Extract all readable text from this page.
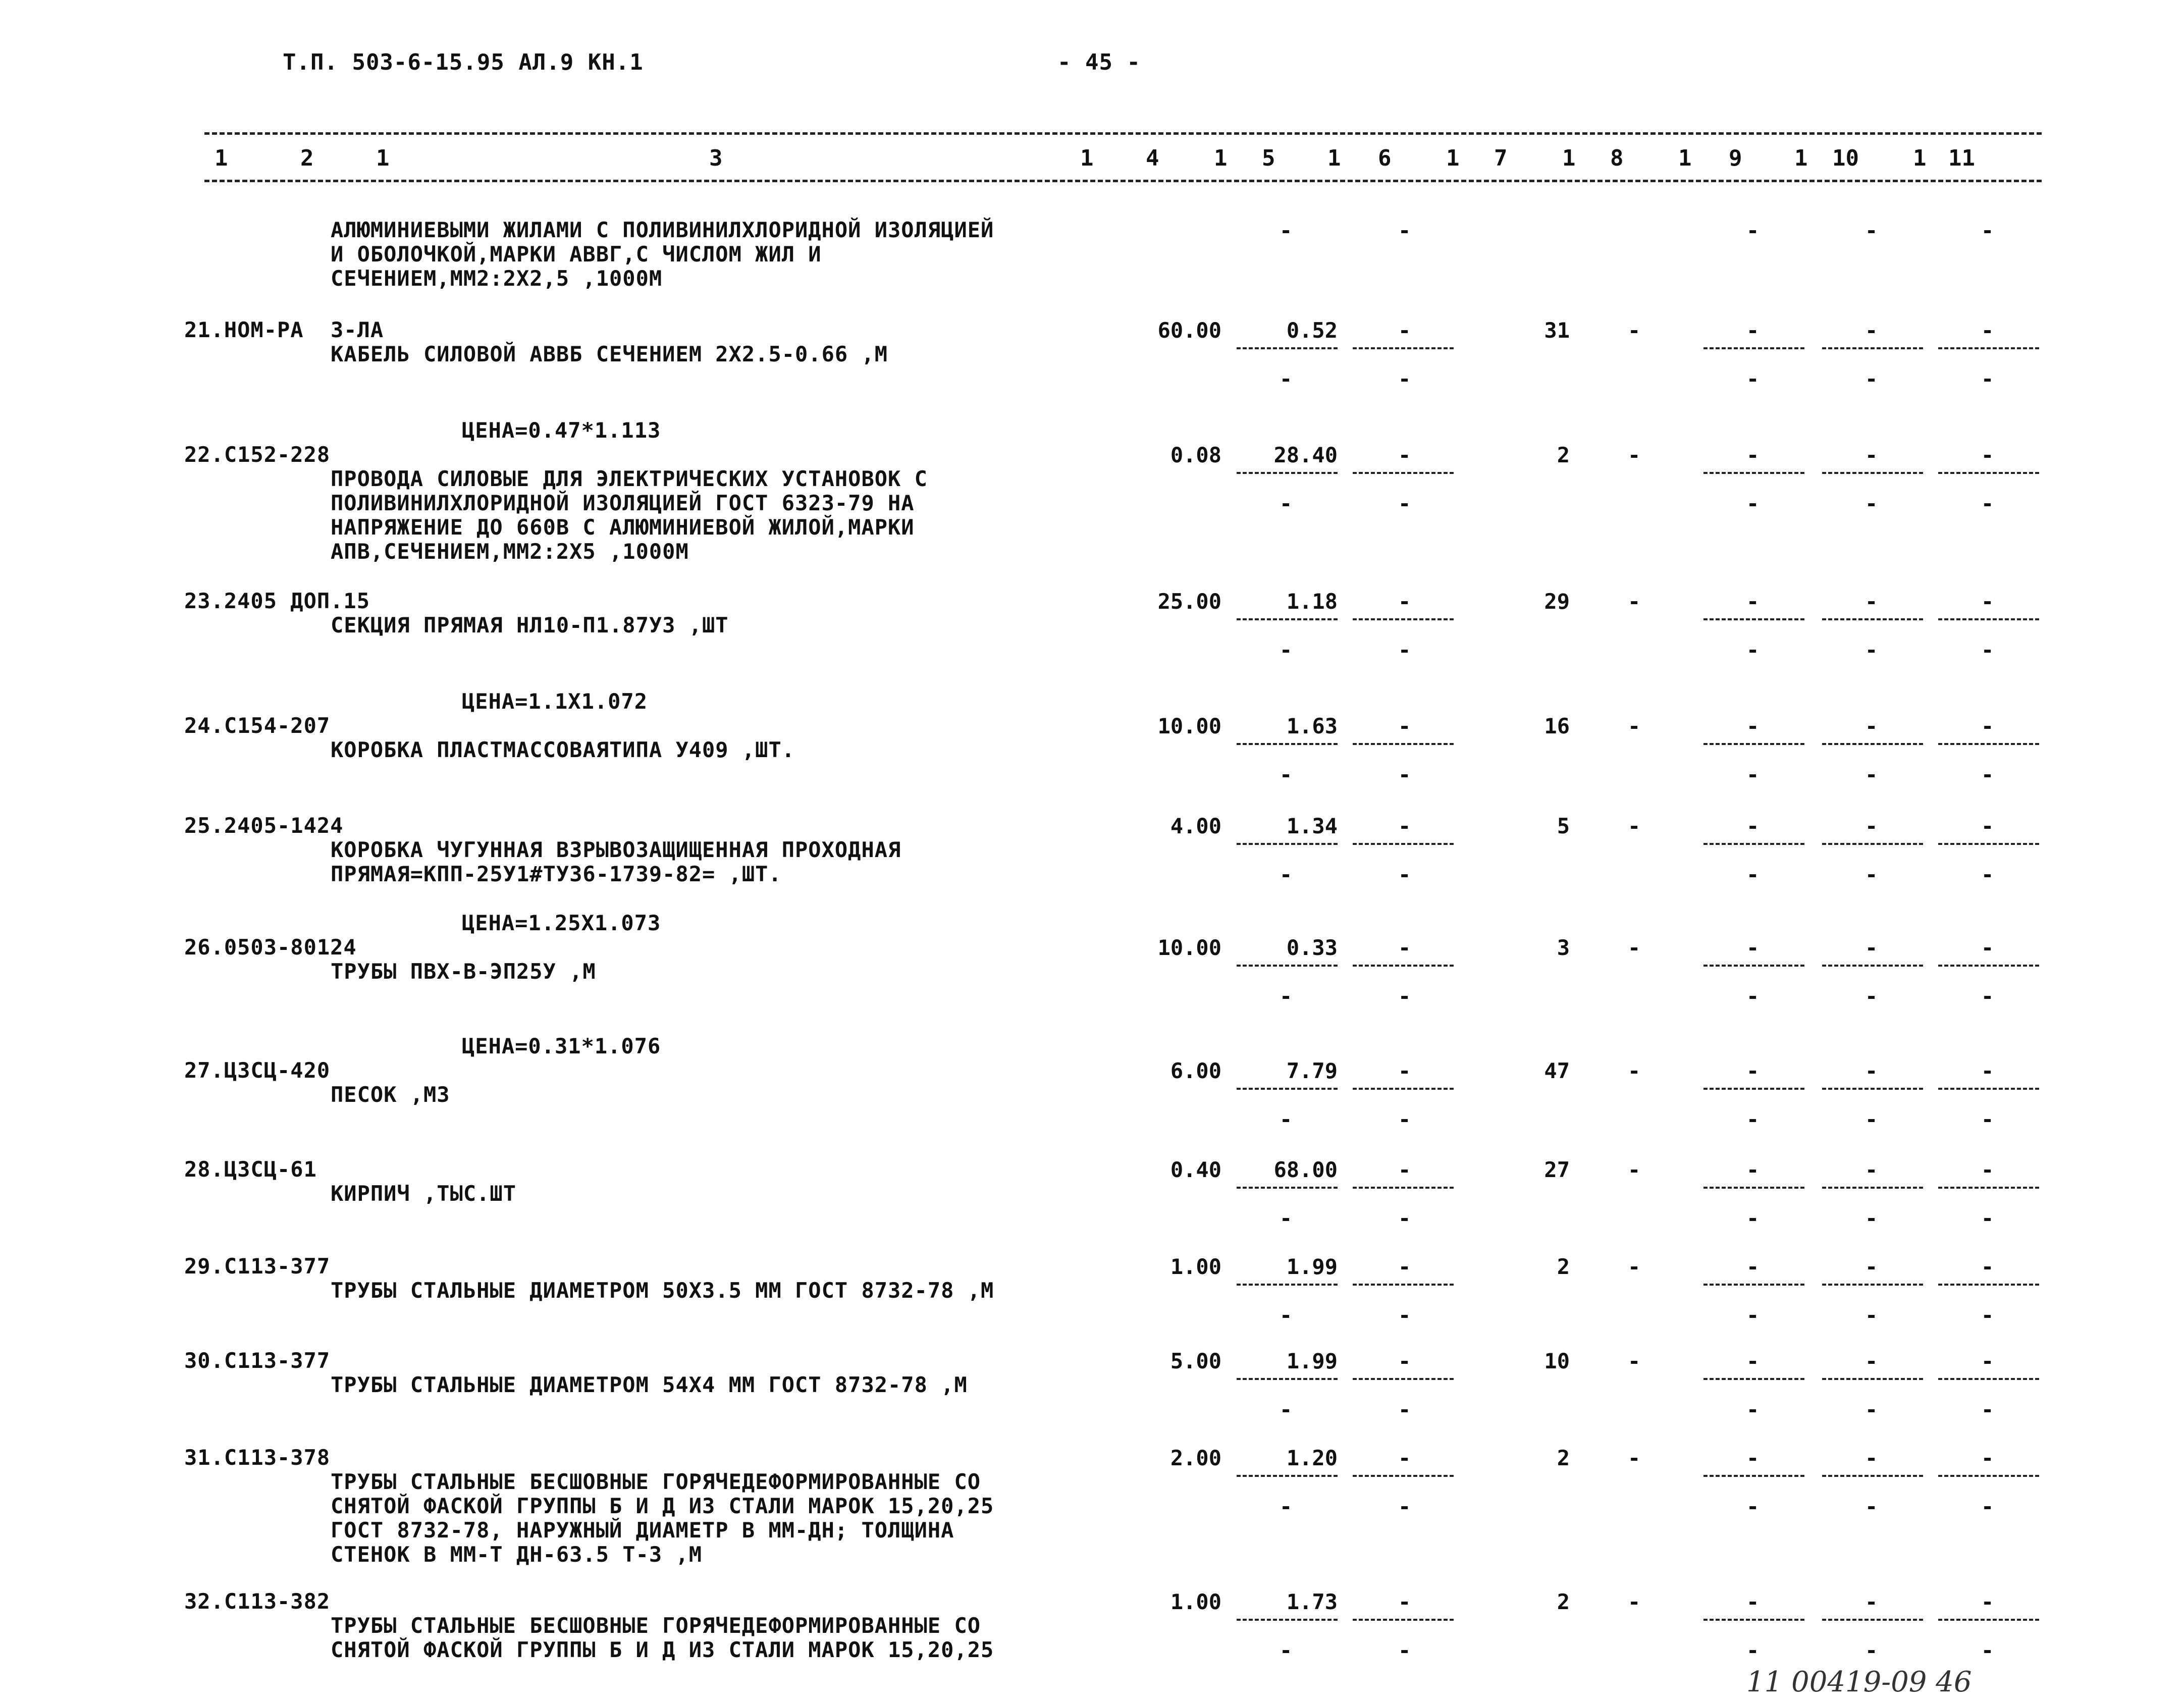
Т.П. 503-6-15.95 АЛ.9 КН.1	- 45 -
1	2	1	3	1 4 1 5 1 6 1 7 1 8 1 9 1 10 1 11
АЛЮМИНИЕВЫМИ ЖИЛАМИ С ПОЛИВИНИЛХЛОРИДНОЙ ИЗОЛЯЦИЕЙ
И ОБОЛОЧКОЙ,МАРКИ АВВГ,С ЧИСЛОМ ЖИЛ И
СЕЧЕНИЕМ,ММ2:2Х2,5 ,1000М
-	-	-	-	-
21.НОМ-РА 3-ЛА
КАБЕЛЬ СИЛОВОЙ АВВБ СЕЧЕНИЕМ 2Х2.5-0.66 ,М
60.00	0.52	-	31	-	-	-	-
-	-	-	-	-
ЦЕНА=0.47*1.113
22.С152-228
ПРОВОДА СИЛОВЫЕ ДЛЯ ЭЛЕКТРИЧЕСКИХ УСТАНОВОК С
ПОЛИВИНИЛХЛОРИДНОЙ ИЗОЛЯЦИЕЙ ГОСТ 6323-79 НА
НАПРЯЖЕНИЕ ДО 660В С АЛЮМИНИЕВОЙ ЖИЛОЙ,МАРКИ
АПВ,СЕЧЕНИЕМ,ММ2:2Х5 ,1000М
0.08 28.40	-	2	-	-	-	-
-	-	-	-	-
23.2405 ДОП.15
СЕКЦИЯ ПРЯМАЯ НЛ10-П1.87У3 ,ШТ
25.00	1.18	-	29	-	-	-	-
-	-	-	-	-
ЦЕНА=1.1Х1.072
24.С154-207
КОРОБКА ПЛАСТМАССОВАЯТИПА У409 ,ШТ.
10.00	1.63	-	16	-	-	-	-
-	-	-	-	-
25.2405-1424
КОРОБКА ЧУГУННАЯ ВЗРЫВОЗАЩИЩЕННАЯ ПРОХОДНАЯ
ПРЯМАЯ=КПП-25У1#ТУ36-1739-82= ,ШТ.
4.00	1.34	-	5	-	-	-	-
-	-	-	-	-
ЦЕНА=1.25Х1.073
26.0503-80124
ТРУБЫ ПВХ-В-ЭП25У ,М
10.00	0.33	-	3	-	-	-	-
-	-	-	-	-
ЦЕНА=0.31*1.076
27.ЦЗСЦ-420
ПЕСОК ,М3
6.00	7.79	-	47	-	-	-	-
-	-	-	-	-
28.ЦЗСЦ-61
КИРПИЧ ,ТЫС.ШТ
0.40 68.00	-	27	-	-	-	-
-	-	-	-	-
29.С113-377
ТРУБЫ СТАЛЬНЫЕ ДИАМЕТРОМ 50Х3.5 ММ ГОСТ 8732-78 ,М
1.00	1.99	-	2	-	-	-	-
-	-	-	-	-
30.С113-377
ТРУБЫ СТАЛЬНЫЕ ДИАМЕТРОМ 54Х4 ММ ГОСТ 8732-78 ,М
5.00	1.99	-	10	-	-	-	-
-	-	-	-	-
31.С113-378
ТРУБЫ СТАЛЬНЫЕ БЕСШОВНЫЕ ГОРЯЧЕДЕФОРМИРОВАННЫЕ СО
СНЯТОЙ ФАСКОЙ ГРУППЫ Б И Д ИЗ СТАЛИ МАРОК 15,20,25
ГОСТ 8732-78, НАРУЖНЫЙ ДИАМЕТР В ММ-ДН; ТОЛЩИНА
СТЕНОК В ММ-Т ДН-63.5 Т-3 ,М
2.00	1.20	-	2	-	-	-	-
-	-	-	-	-
32.С113-382
ТРУБЫ СТАЛЬНЫЕ БЕСШОВНЫЕ ГОРЯЧЕДЕФОРМИРОВАННЫЕ СО
СНЯТОЙ ФАСКОЙ ГРУППЫ Б И Д ИЗ СТАЛИ МАРОК 15,20,25
1.00	1.73	-	2	-	-	-	-
-	-	-	-	-
11 00419-09 46
